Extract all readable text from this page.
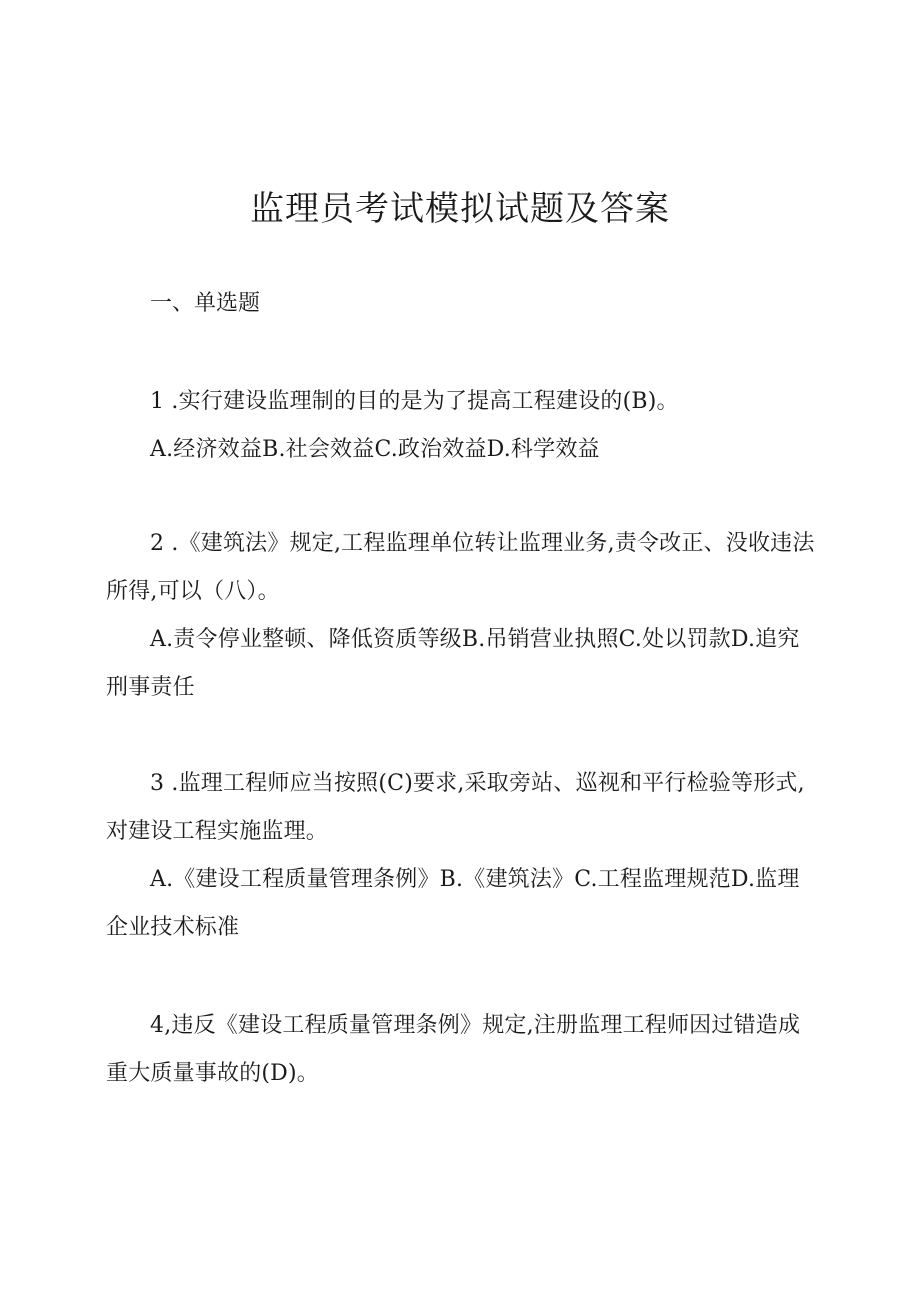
监理员考试模拟试题及答案
一、单选题

1 .实行建设监理制的目的是为了提高工程建设的(B)。

A.经济效益B.社会效益C.政治效益D.科学效益

2 .《建筑法》规定,工程监理单位转让监理业务,责令改正、没收违法所得,可以（八）。

A.责令停业整顿、降低资质等级B.吊销营业执照C.处以罚款D.追究刑事责任

3 .监理工程师应当按照(C)要求,采取旁站、巡视和平行检验等形式,对建设工程实施监理。

A.《建设工程质量管理条例》B.《建筑法》C.工程监理规范D.监理企业技术标准

4,违反《建设工程质量管理条例》规定,注册监理工程师因过错造成重大质量事故的(D)。
